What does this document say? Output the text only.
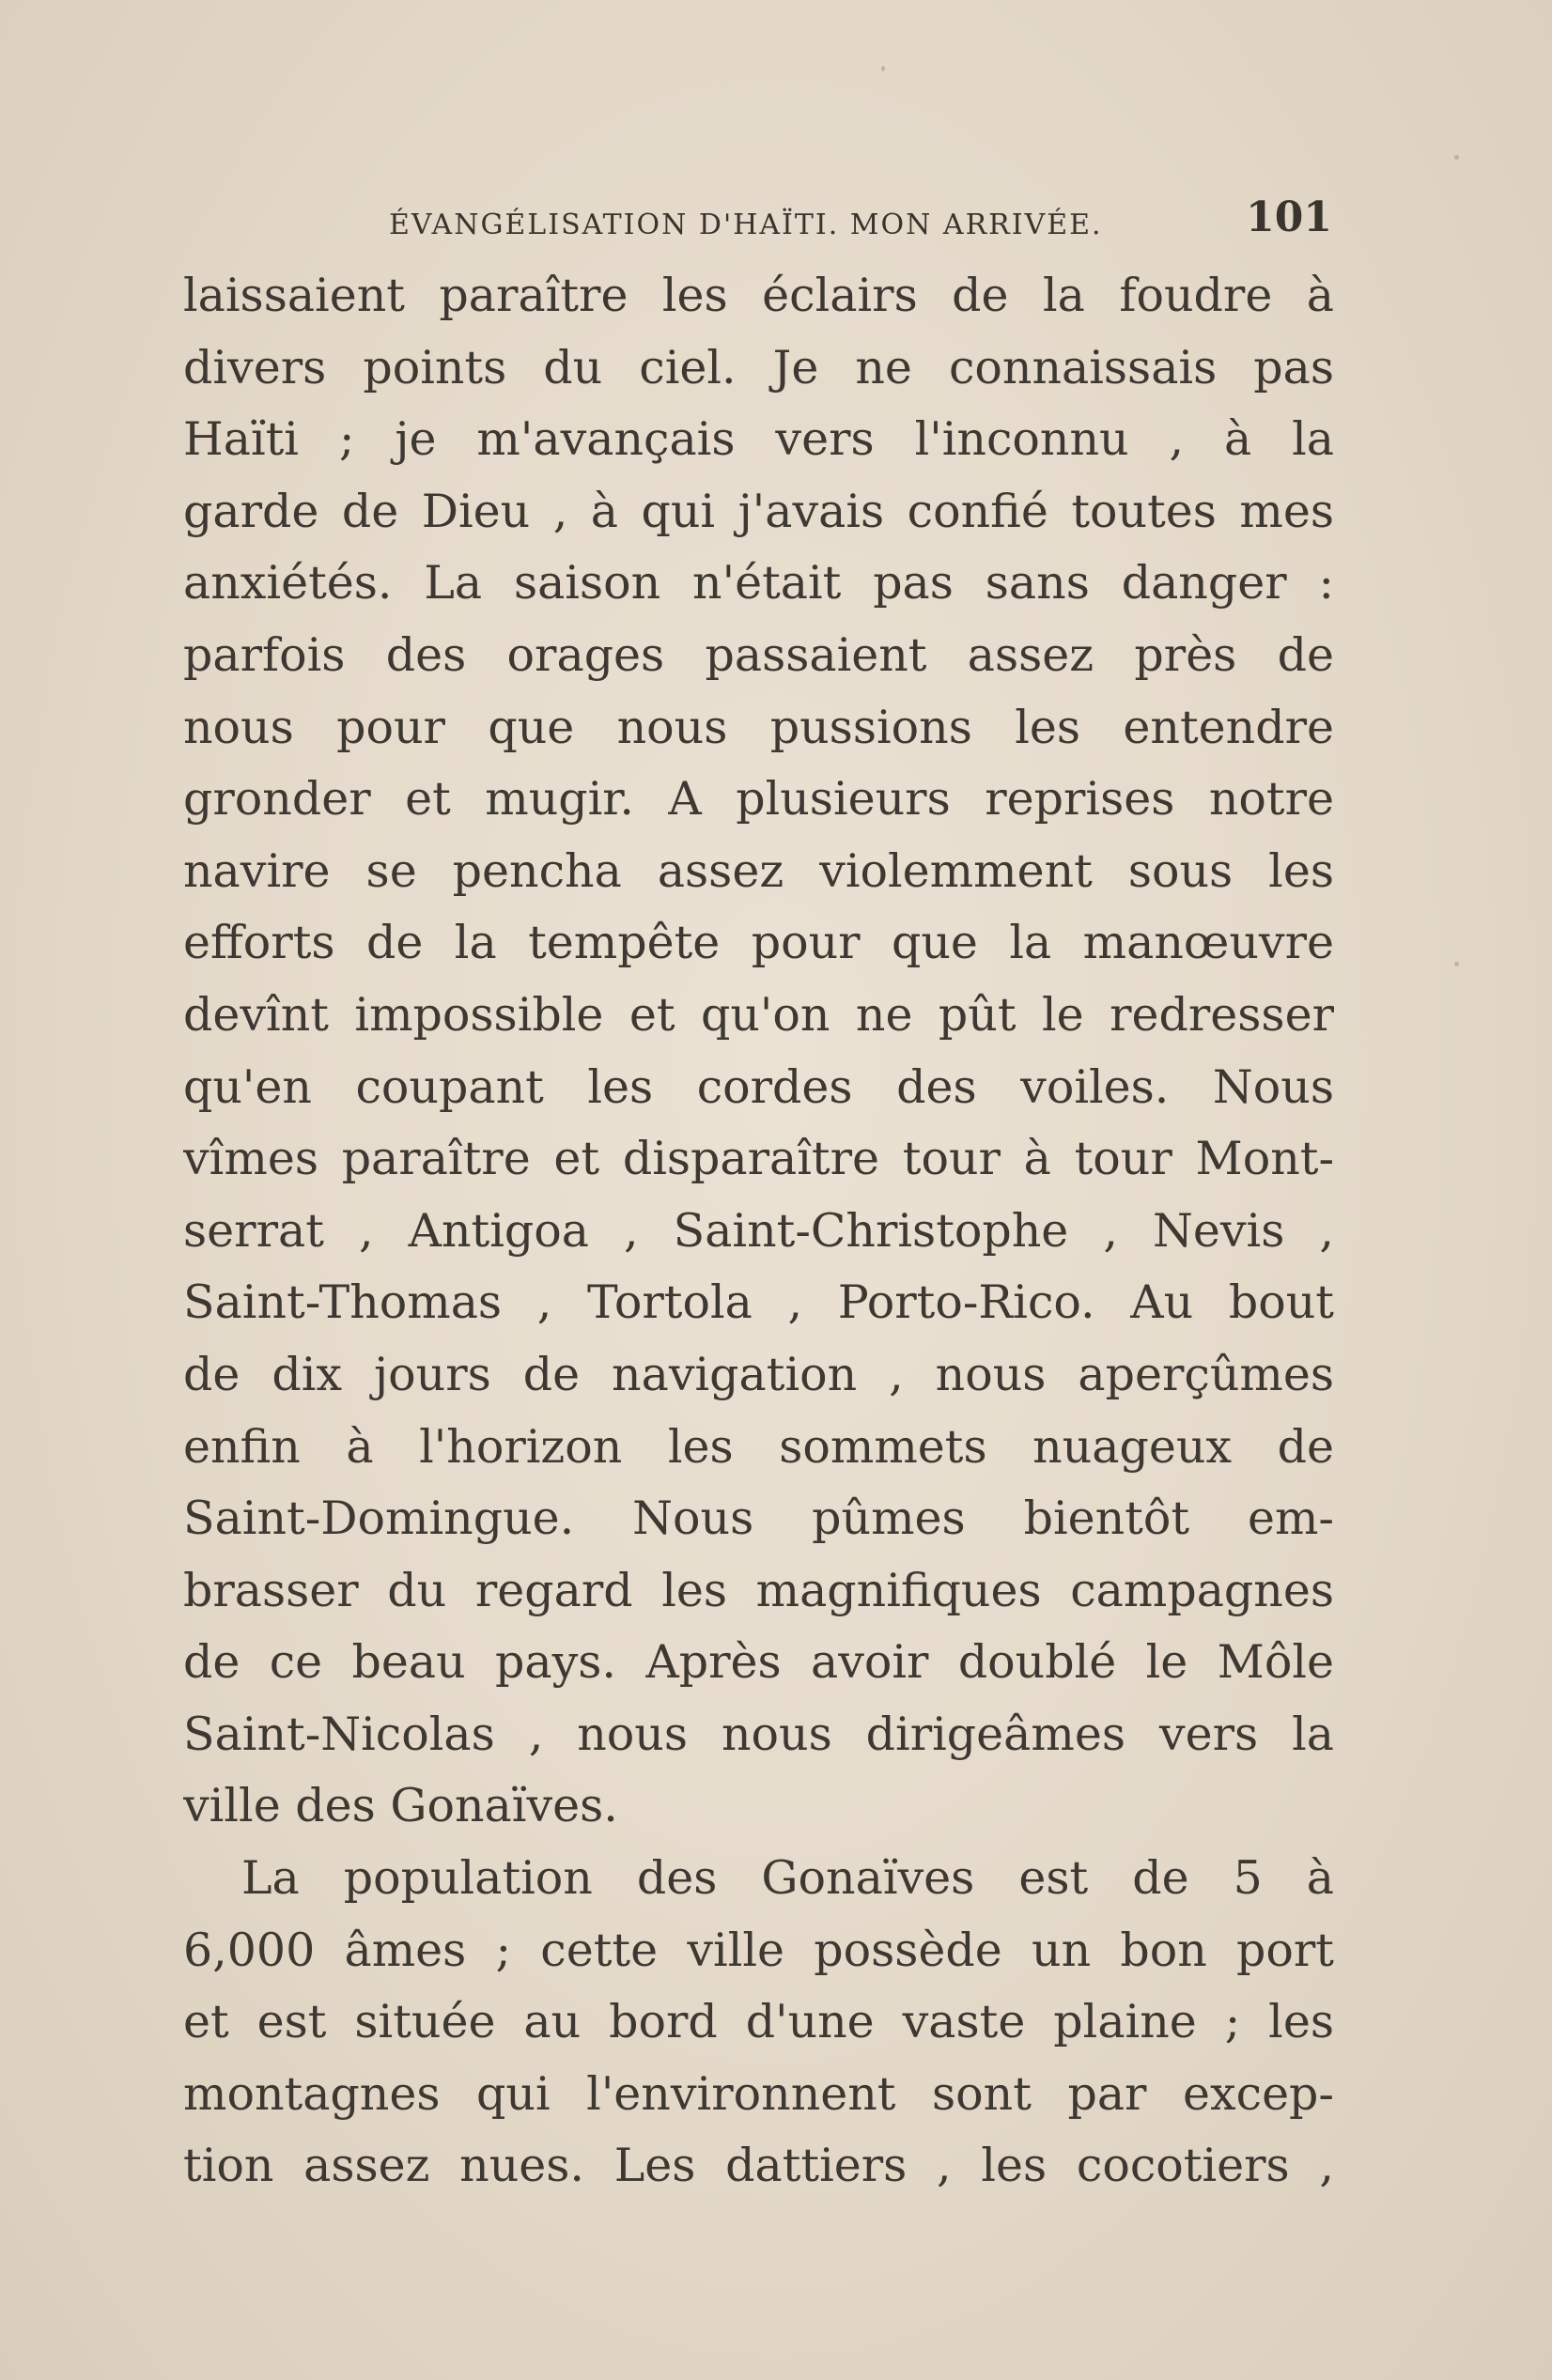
ÉVANGÉLISATION D'HAÏTI. MON ARRIVÉE.	101

laissaient paraître les éclairs de la foudre à
divers points du ciel. Je ne connaissais pas
Haïti ; je m'avançais vers l'inconnu , à la
garde de Dieu , à qui j'avais confié toutes mes
anxiétés. La saison n'était pas sans danger :
parfois des orages passaient assez près de
nous pour que nous pussions les entendre
gronder et mugir. A plusieurs reprises notre
navire se pencha assez violemment sous les
efforts de la tempête pour que la manœuvre
devînt impossible et qu'on ne pût le redresser
qu'en coupant les cordes des voiles. Nous
vîmes paraître et disparaître tour à tour Mont-
serrat , Antigoa , Saint-Christophe , Nevis ,
Saint-Thomas , Tortola , Porto-Rico. Au bout
de dix jours de navigation , nous aperçûmes
enfin à l'horizon les sommets nuageux de
Saint-Domingue. Nous pûmes bientôt em-
brasser du regard les magnifiques campagnes
de ce beau pays. Après avoir doublé le Môle
Saint-Nicolas , nous nous dirigeâmes vers la
ville des Gonaïves.

La population des Gonaïves est de 5 à
6,000 âmes ; cette ville possède un bon port
et est située au bord d'une vaste plaine ; les
montagnes qui l'environnent sont par excep-
tion assez nues. Les dattiers , les cocotiers ,
